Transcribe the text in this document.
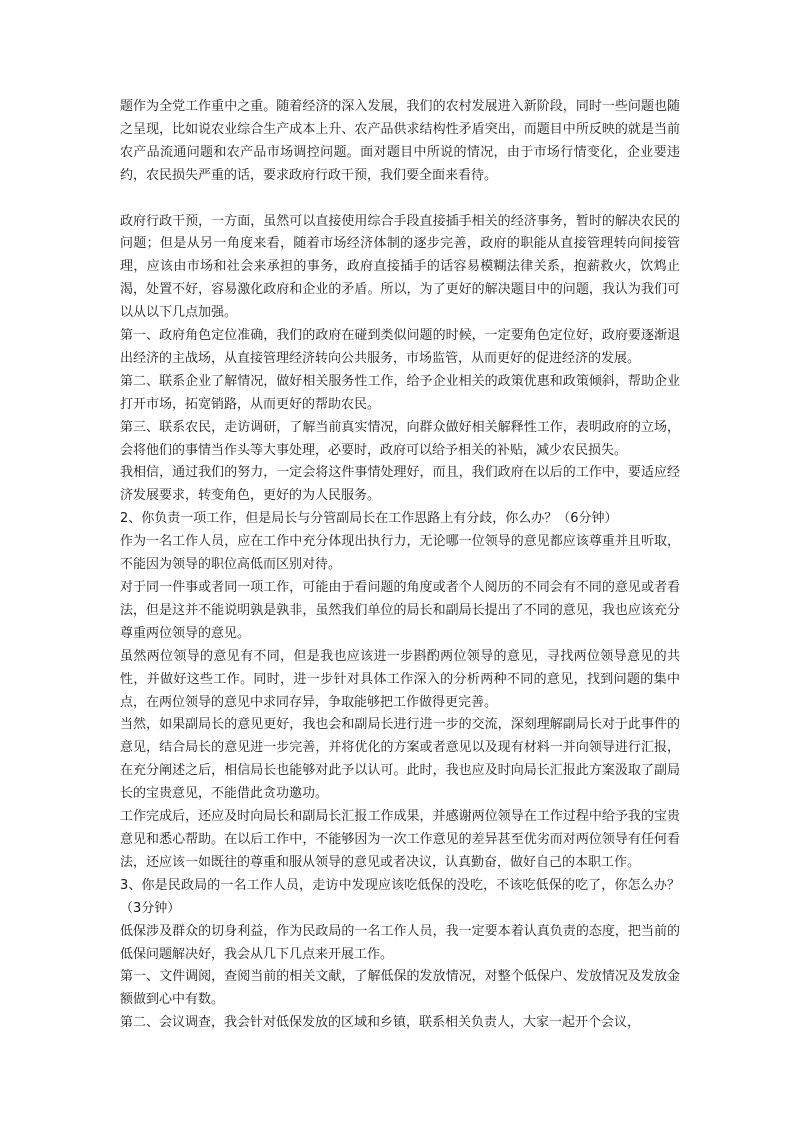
题作为全党工作重中之重。随着经济的深入发展，我们的农村发展进入新阶段，同时一些问题也随之呈现，比如说农业综合生产成本上升、农产品供求结构性矛盾突出，而题目中所反映的就是当前农产品流通问题和农产品市场调控问题。面对题目中所说的情况，由于市场行情变化，企业要违约，农民损失严重的话，要求政府行政干预，我们要全面来看待。

政府行政干预，一方面，虽然可以直接使用综合手段直接插手相关的经济事务，暂时的解决农民的问题；但是从另一角度来看，随着市场经济体制的逐步完善，政府的职能从直接管理转向间接管理，应该由市场和社会来承担的事务，政府直接插手的话容易模糊法律关系，抱薪救火，饮鸩止渴，处置不好，容易激化政府和企业的矛盾。所以，为了更好的解决题目中的问题，我认为我们可以从以下几点加强。

第一、政府角色定位准确，我们的政府在碰到类似问题的时候，一定要角色定位好，政府要逐渐退出经济的主战场，从直接管理经济转向公共服务，市场监管，从而更好的促进经济的发展。

第二、联系企业了解情况，做好相关服务性工作，给予企业相关的政策优惠和政策倾斜，帮助企业打开市场，拓宽销路，从而更好的帮助农民。

第三、联系农民，走访调研，了解当前真实情况，向群众做好相关解释性工作，表明政府的立场，会将他们的事情当作头等大事处理，必要时，政府可以给予相关的补贴，减少农民损失。

我相信，通过我们的努力，一定会将这件事情处理好，而且，我们政府在以后的工作中，要适应经济发展要求，转变角色，更好的为人民服务。

2、你负责一项工作，但是局长与分管副局长在工作思路上有分歧，你么办？（6分钟）

作为一名工作人员，应在工作中充分体现出执行力，无论哪一位领导的意见都应该尊重并且听取，不能因为领导的职位高低而区别对待。

对于同一件事或者同一项工作，可能由于看问题的角度或者个人阅历的不同会有不同的意见或者看法，但是这并不能说明孰是孰非，虽然我们单位的局长和副局长提出了不同的意见，我也应该充分尊重两位领导的意见。

虽然两位领导的意见有不同，但是我也应该进一步斟酌两位领导的意见，寻找两位领导意见的共性，并做好这些工作。同时，进一步针对具体工作深入的分析两种不同的意见，找到问题的集中点，在两位领导的意见中求同存异，争取能够把工作做得更完善。

当然，如果副局长的意见更好，我也会和副局长进行进一步的交流，深刻理解副局长对于此事件的意见，结合局长的意见进一步完善，并将优化的方案或者意见以及现有材料一并向领导进行汇报，在充分阐述之后，相信局长也能够对此予以认可。此时，我也应及时向局长汇报此方案汲取了副局长的宝贵意见，不能借此贪功邀功。

工作完成后，还应及时向局长和副局长汇报工作成果，并感谢两位领导在工作过程中给予我的宝贵意见和悉心帮助。在以后工作中，不能够因为一次工作意见的差异甚至优劣而对两位领导有任何看法，还应该一如既往的尊重和服从领导的意见或者决议，认真勤奋，做好自己的本职工作。

3、你是民政局的一名工作人员，走访中发现应该吃低保的没吃，不该吃低保的吃了，你怎么办？（3分钟）

低保涉及群众的切身利益，作为民政局的一名工作人员，我一定要本着认真负责的态度，把当前的低保问题解决好，我会从几下几点来开展工作。

第一、文件调阅，查阅当前的相关文献，了解低保的发放情况，对整个低保户、发放情况及发放金额做到心中有数。

第二、会议调查，我会针对低保发放的区域和乡镇，联系相关负责人，大家一起开个会议，
